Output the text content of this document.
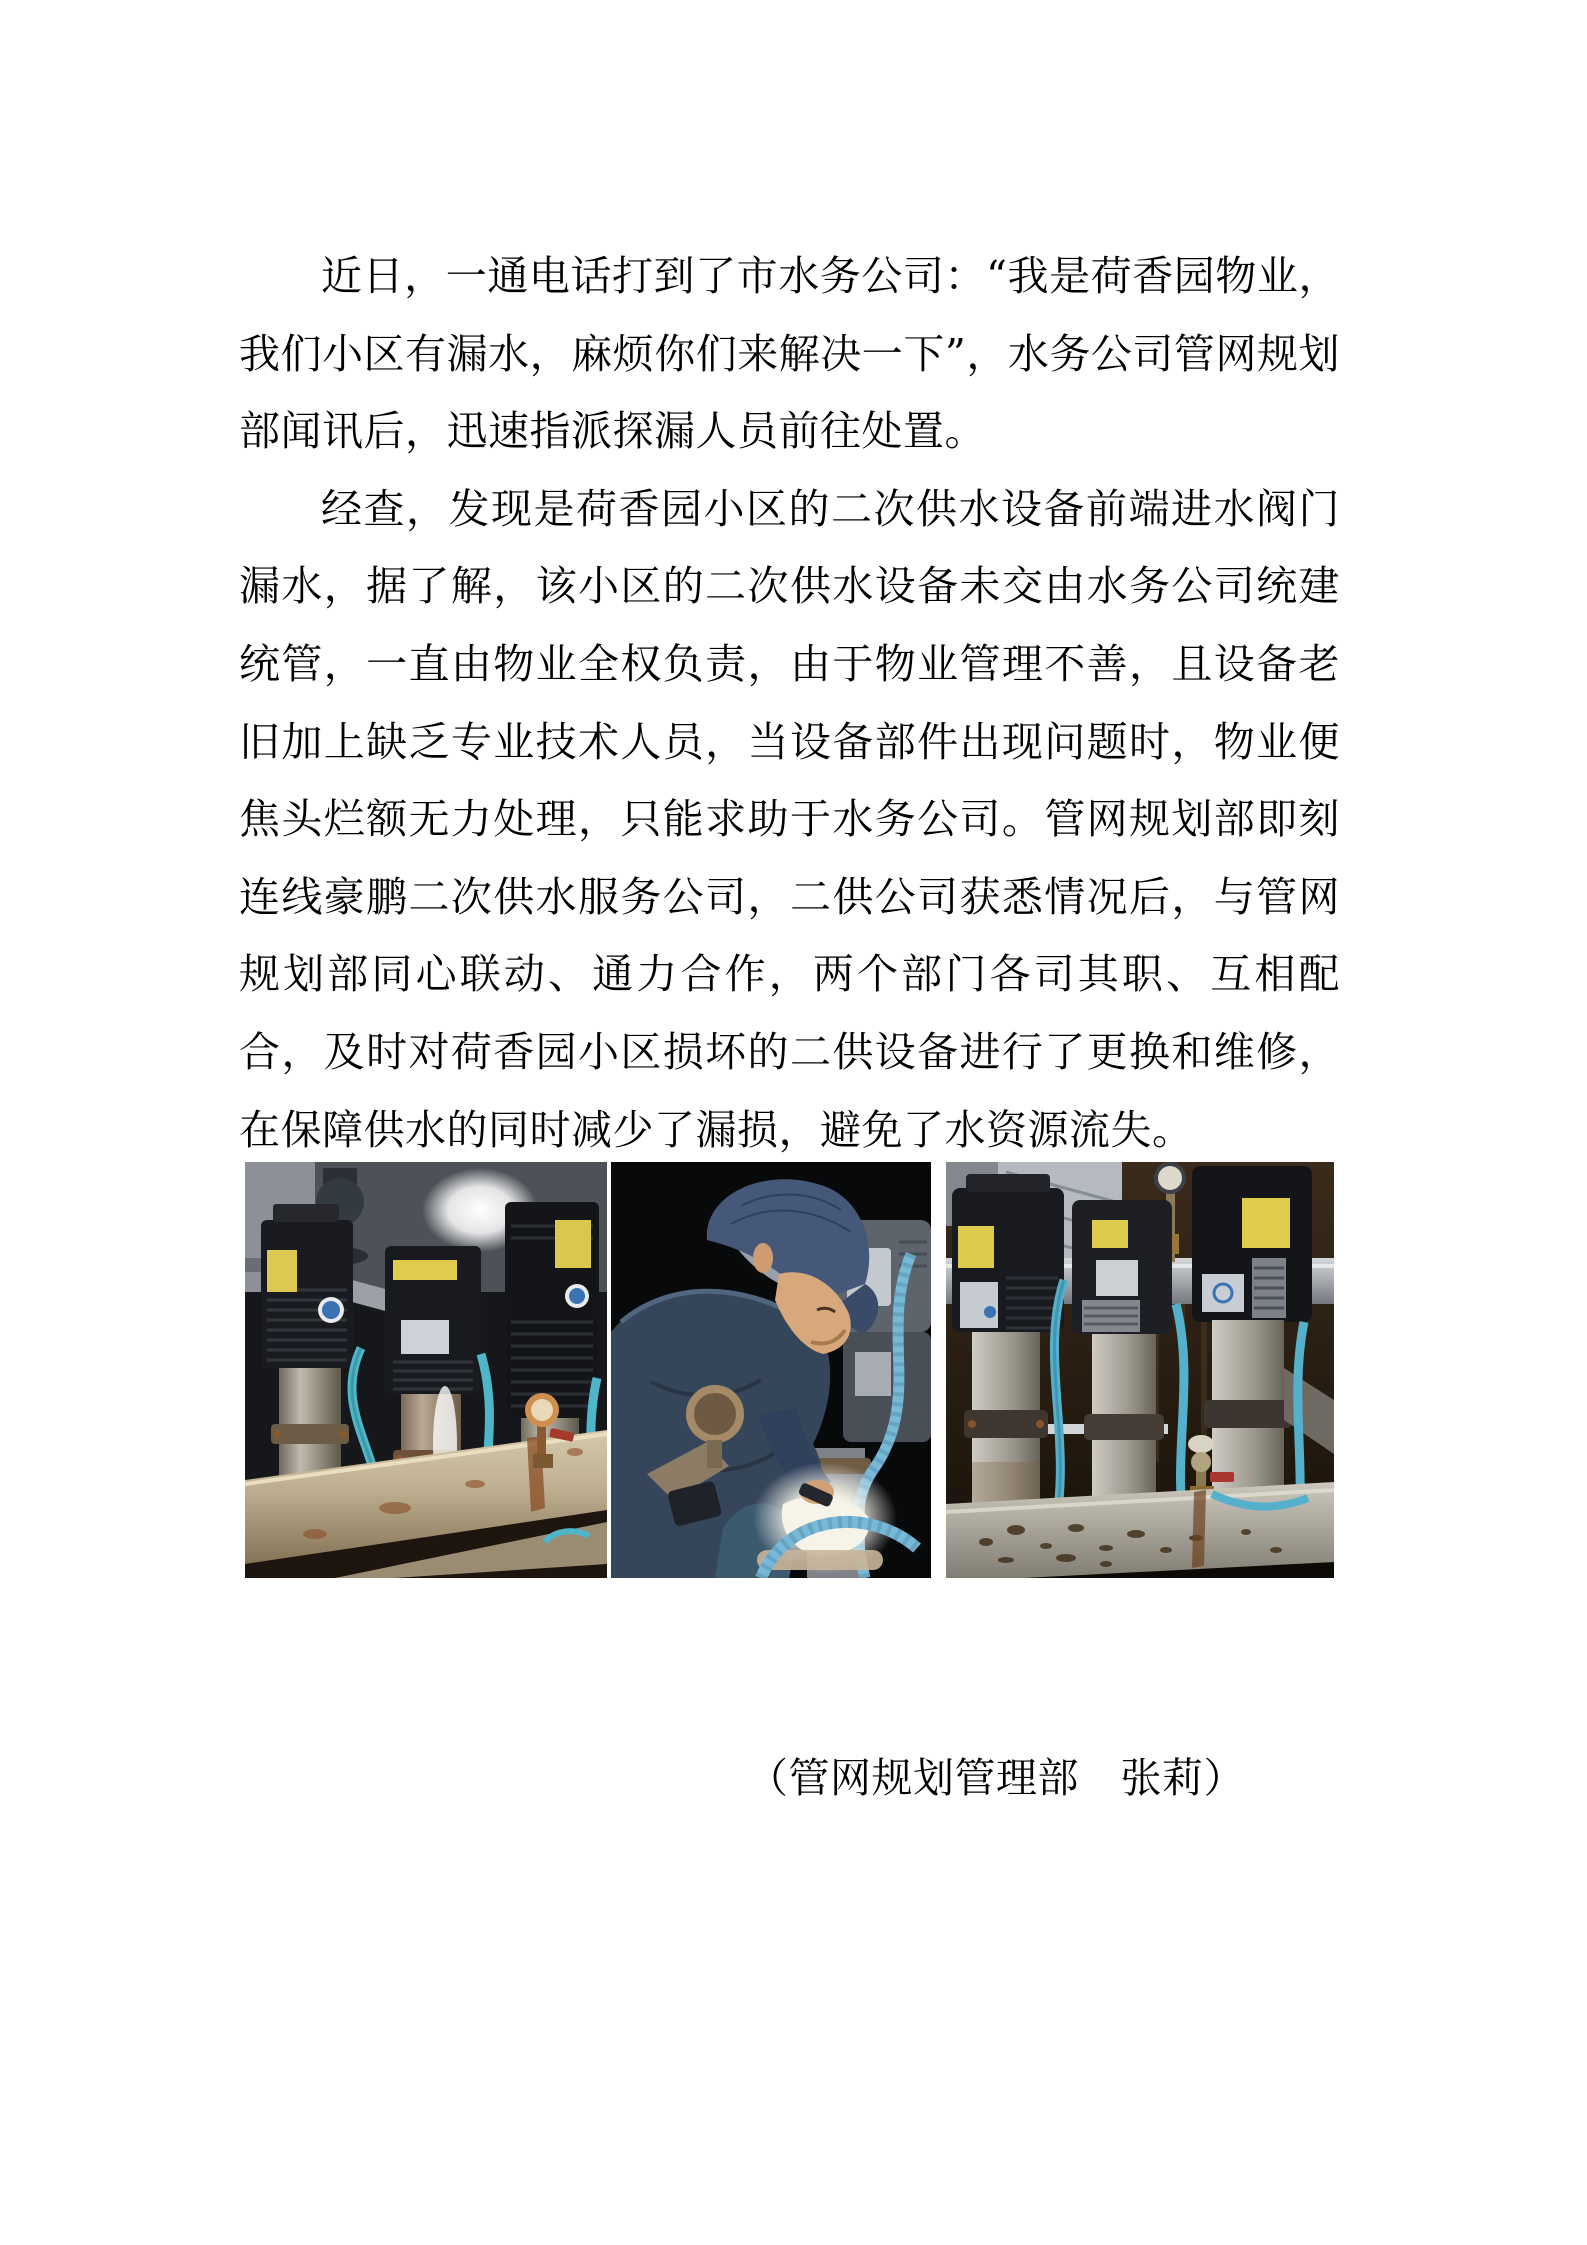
近日，一通电话打到了市水务公司：“我是荷香园物业，我们小区有漏水，麻烦你们来解决一下”，水务公司管网规划部闻讯后，迅速指派探漏人员前往处置。

经查，发现是荷香园小区的二次供水设备前端进水阀门漏水，据了解，该小区的二次供水设备未交由水务公司统建统管，一直由物业全权负责，由于物业管理不善，且设备老旧加上缺乏专业技术人员，当设备部件出现问题时，物业便焦头烂额无力处理，只能求助于水务公司。管网规划部即刻连线豪鹏二次供水服务公司，二供公司获悉情况后，与管网规划部同心联动、通力合作，两个部门各司其职、互相配合，及时对荷香园小区损坏的二供设备进行了更换和维修，在保障供水的同时减少了漏损，避免了水资源流失。

（管网规划管理部　张莉）
